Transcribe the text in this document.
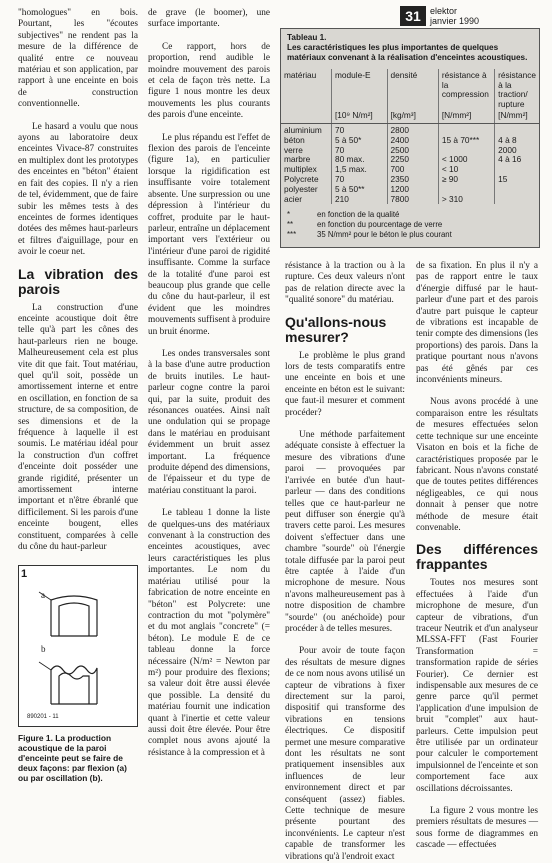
31	elektor
janvier 1990

"homologues" en bois. Pourtant, les "écoutes subjectives" ne rendent pas la mesure de la différence de qualité entre ce nouveau matériau et son application, par rapport à une enceinte en bois de construction conventionnelle.

Le hasard a voulu que nous ayons au laboratoire deux enceintes Vivace-87 construites en multiplex dont les prototypes des enceintes en "béton" étaient en fait des copies. Il n'y a rien de tel, évidemment, que de faire subir les mêmes tests à des enceintes de formes identiques dotées des mêmes haut-parleurs et filtres d'aiguillage, pour en avoir le coeur net.

La vibration des parois

La construction d'une enceinte acoustique doit être telle qu'à part les cônes des haut-parleurs rien ne bouge. Malheureusement cela est plus vite dit que fait. Tout matériau, quel qu'il soit, possède un amortissement interne et entre en oscillation, en fonction de sa structure, de sa composition, de ses dimensions et de la fréquence à laquelle il est soumis. Le matériau idéal pour la construction d'un coffret d'enceinte doit posséder une grande rigidité, présenter un amortissement interne important et n'être ébranlé que difficilement. Si les parois d'une enceinte bougent, elles constituent, comparées à celle du cône du haut-parleur

1
a
b
890201 - 11
Figure 1. La production acoustique de la paroi d'enceinte peut se faire de deux façons: par flexion (a) ou par oscillation (b).

de grave (le boomer), une surface importante.

Ce rapport, hors de proportion, rend audible le moindre mouvement des parois et cela de façon très nette. La figure 1 nous montre les deux mouvements les plus courants des parois d'une enceinte.

Le plus répandu est l'effet de flexion des parois de l'enceinte (figure 1a), en particulier lorsque la rigidification est insuffisante voire totalement absente. Une surpression ou une dépression à l'intérieur du coffret, produite par le haut-parleur, entraîne un déplacement important vers l'extérieur ou l'intérieur d'une paroi de rigidité insuffisante. Comme la surface de la totalité d'une paroi est beaucoup plus grande que celle du cône du haut-parleur, il est évident que les moindres mouvements suffisent à produire un bruit énorme.

Les ondes transversales sont à la base d'une autre production de bruits inutiles. Le haut-parleur cogne contre la paroi qui, par la suite, produit des résonances ouatées. Ainsi naît une ondulation qui se propage dans le matériau en produisant évidemment un bruit assez important. La fréquence produite dépend des dimensions, de l'épaisseur et du type de matériau constituant la paroi.

Le tableau 1 donne la liste de quelques-uns des matériaux convenant à la construction des enceintes acoustiques, avec leurs caractéristiques les plus importantes. Le nom du matériau utilisé pour la fabrication de notre enceinte en "béton" est Polycrete: une contraction du mot "polymère" et du mot anglais "concrete" (= béton). Le module E de ce tableau donne la force nécessaire (N/m² = Newton par m²) pour produire des flexions; sa valeur doit être aussi élevée que possible. La densité du matériau fournit une indication quant à l'inertie et cette valeur aussi doit être élevée. Pour être complet nous avons ajouté la résistance à la compression et à

Tableau 1.
Les caractéristiques les plus importantes de quelques matériaux convenant à la réalisation d'enceintes acoustiques.
matériau	module-E	densité	résistance à la compression	résistance à la traction/ rupture
	[10⁹ N/m²]	[kg/m³]	[N/mm²]	[N/mm²]
aluminium	70	2800		
béton	5 à 50*	2400	15 à 70***	4 à 8
verre	70	2500		2000
marbre	80 max.	2250	< 1000	4 à 16
multiplex	1,5 max.	700	< 10	
Polycrete	70	2350	≥ 90	15
polyester	5 à 50**	1200		
acier	210	7800	> 310	
*	en fonction de la qualité
**	en fonction du pourcentage de verre
***	35 N/mm² pour le béton le plus courant

résistance à la traction ou à la rupture. Ces deux valeurs n'ont pas de relation directe avec la "qualité sonore" du matériau.

Qu'allons-nous mesurer?

Le problème le plus grand lors de tests comparatifs entre une enceinte en bois et une enceinte en béton est le suivant: que faut-il mesurer et comment procéder?

Une méthode parfaitement adéquate consiste à effectuer la mesure des vibrations d'une paroi — provoquées par l'arrivée en butée d'un haut-parleur — dans des conditions telles que ce haut-parleur ne peut diffuser son énergie qu'à travers cette paroi. Les mesures doivent s'effectuer dans une chambre "sourde" où l'énergie totale diffusée par la paroi peut être captée à l'aide d'un microphone de mesure. Nous n'avons malheureusement pas à notre disposition de chambre "sourde" (ou anéchoïde) pour procéder à de telles mesures.

Pour avoir de toute façon des résultats de mesure dignes de ce nom nous avons utilisé un capteur de vibrations à fixer directement sur la paroi, dispositif qui transforme des vibrations en tensions électriques. Ce dispositif permet une mesure comparative dont les résultats ne sont pratiquement insensibles aux influences de leur environnement direct et par conséquent (assez) fiables. Cette technique de mesure présente pourtant des inconvénients. Le capteur n'est capable de transformer les vibrations qu'à l'endroit exact

de sa fixation. En plus il n'y a pas de rapport entre le taux d'énergie diffusé par le haut-parleur d'une part et des parois d'autre part puisque le capteur de vibrations est incapable de tenir compte des dimensions (les proportions) des parois. Dans la pratique pourtant nous n'avons pas été gênés par ces inconvénients mineurs.

Nous avons procédé à une comparaison entre les résultats de mesures effectuées selon cette technique sur une enceinte Visaton en bois et la fiche de caractéristiques proposée par le fabricant. Nous n'avons constaté que de toutes petites différences négligeables, ce qui nous donnait à penser que notre méthode de mesure était convenable.

Des différences frappantes

Toutes nos mesures sont effectuées à l'aide d'un microphone de mesure, d'un capteur de vibrations, d'un traceur Neutrik et d'un analyseur MLSSA-FFT (Fast Fourier Transformation = transformation rapide de séries Fourier). Ce dernier est indispensable aux mesures de ce genre parce qu'il permet l'application d'une impulsion de bruit "complet" aux haut-parleurs. Cette impulsion peut être utilisée par un ordinateur pour calculer le comportement impulsionnel de l'enceinte et son comportement face aux oscillations décroissantes.

La figure 2 vous montre les premiers résultats de mesures — sous forme de diagrammes en cascade — effectuées
